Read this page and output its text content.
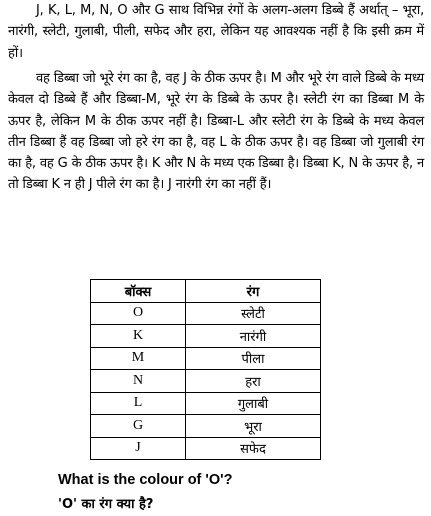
J, K, L, M, N, O और G साथ विभिन्न रंगों के अलग-अलग डिब्बे हैं अर्थात् – भूरा, नारंगी, स्लेटी, गुलाबी, पीली, सफेद और हरा, लेकिन यह आवश्यक नहीं है कि इसी क्रम में हों।

वह डिब्बा जो भूरे रंग का है, वह J के ठीक ऊपर है। M और भूरे रंग वाले डिब्बे के मध्य केवल दो डिब्बे हैं और डिब्बा-M, भूरे रंग के डिब्बे के ऊपर है। स्लेटी रंग का डिब्बा M के ऊपर है, लेकिन M के ठीक ऊपर नहीं है। डिब्बा-L और स्लेटी रंग के डिब्बे के मध्य केवल तीन डिब्बा हैं वह डिब्बा जो हरे रंग का है, वह L के ठीक ऊपर है। वह डिब्बा जो गुलाबी रंग का है, वह G के ठीक ऊपर है। K और N के मध्य एक डिब्बा है। डिब्बा K, N के ऊपर है, न तो डिब्बा K न ही J पीले रंग का है। J नारंगी रंग का नहीं हैं।

बॉक्स	रंग
O	स्लेटी
K	नारंगी
M	पीला
N	हरा
L	गुलाबी
G	भूरा
J	सफेद

What is the colour of 'O'?

'O' का रंग क्या है?
